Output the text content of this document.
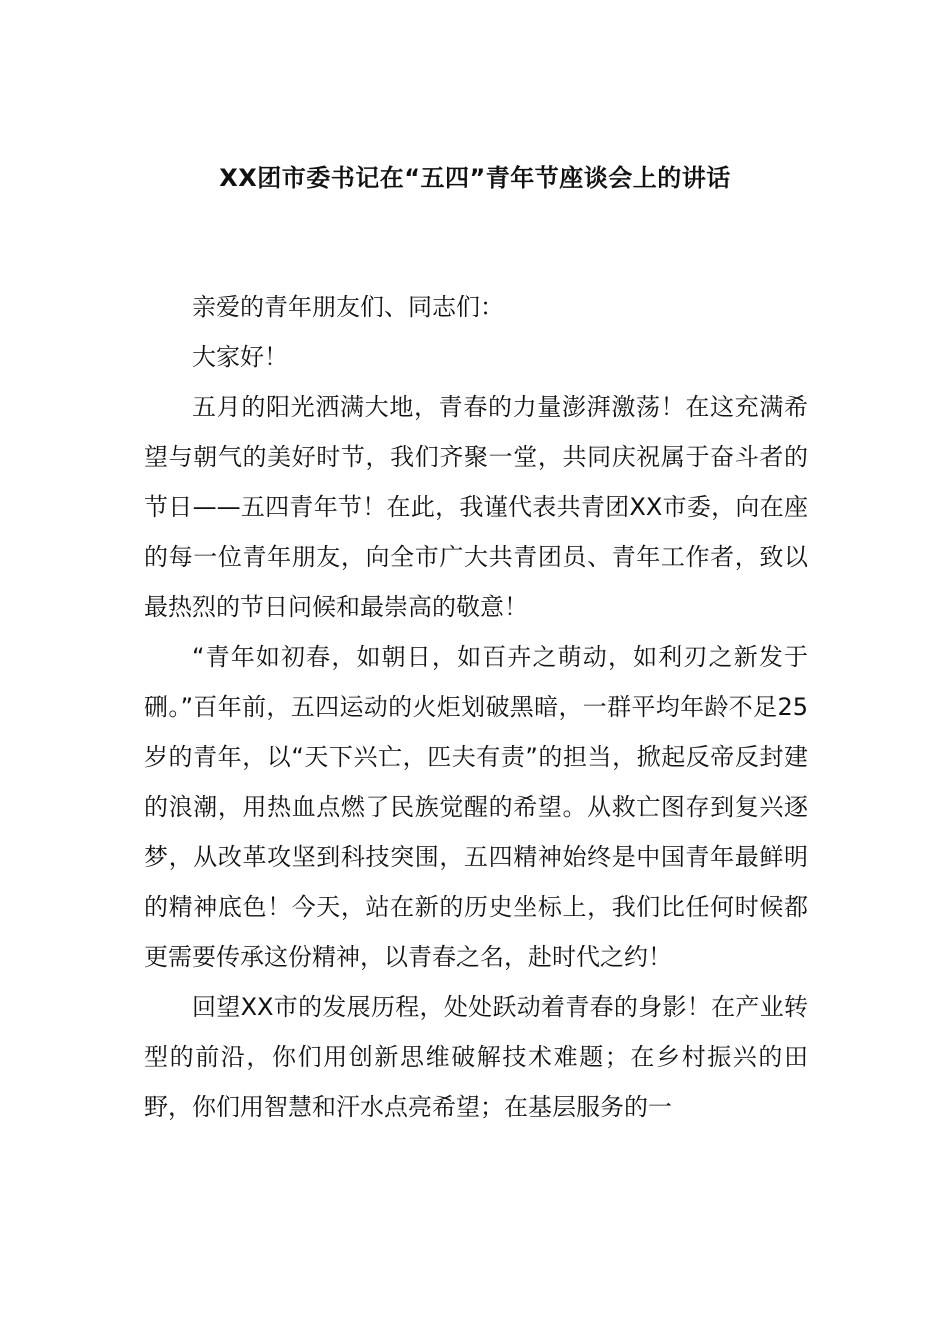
XX团市委书记在“五四”青年节座谈会上的讲话

亲爱的青年朋友们、同志们：

大家好！

五月的阳光洒满大地，青春的力量澎湃激荡！在这充满希望与朝气的美好时节，我们齐聚一堂，共同庆祝属于奋斗者的节日——五四青年节！在此，我谨代表共青团XX市委，向在座的每一位青年朋友，向全市广大共青团员、青年工作者，致以最热烈的节日问候和最崇高的敬意！

“青年如初春，如朝日，如百卉之萌动，如利刃之新发于硎。”百年前，五四运动的火炬划破黑暗，一群平均年龄不足25岁的青年，以“天下兴亡，匹夫有责”的担当，掀起反帝反封建的浪潮，用热血点燃了民族觉醒的希望。从救亡图存到复兴逐梦，从改革攻坚到科技突围，五四精神始终是中国青年最鲜明的精神底色！今天，站在新的历史坐标上，我们比任何时候都更需要传承这份精神，以青春之名，赴时代之约！

回望XX市的发展历程，处处跃动着青春的身影！在产业转型的前沿，你们用创新思维破解技术难题；在乡村振兴的田野，你们用智慧和汗水点亮希望；在基层服务的一
